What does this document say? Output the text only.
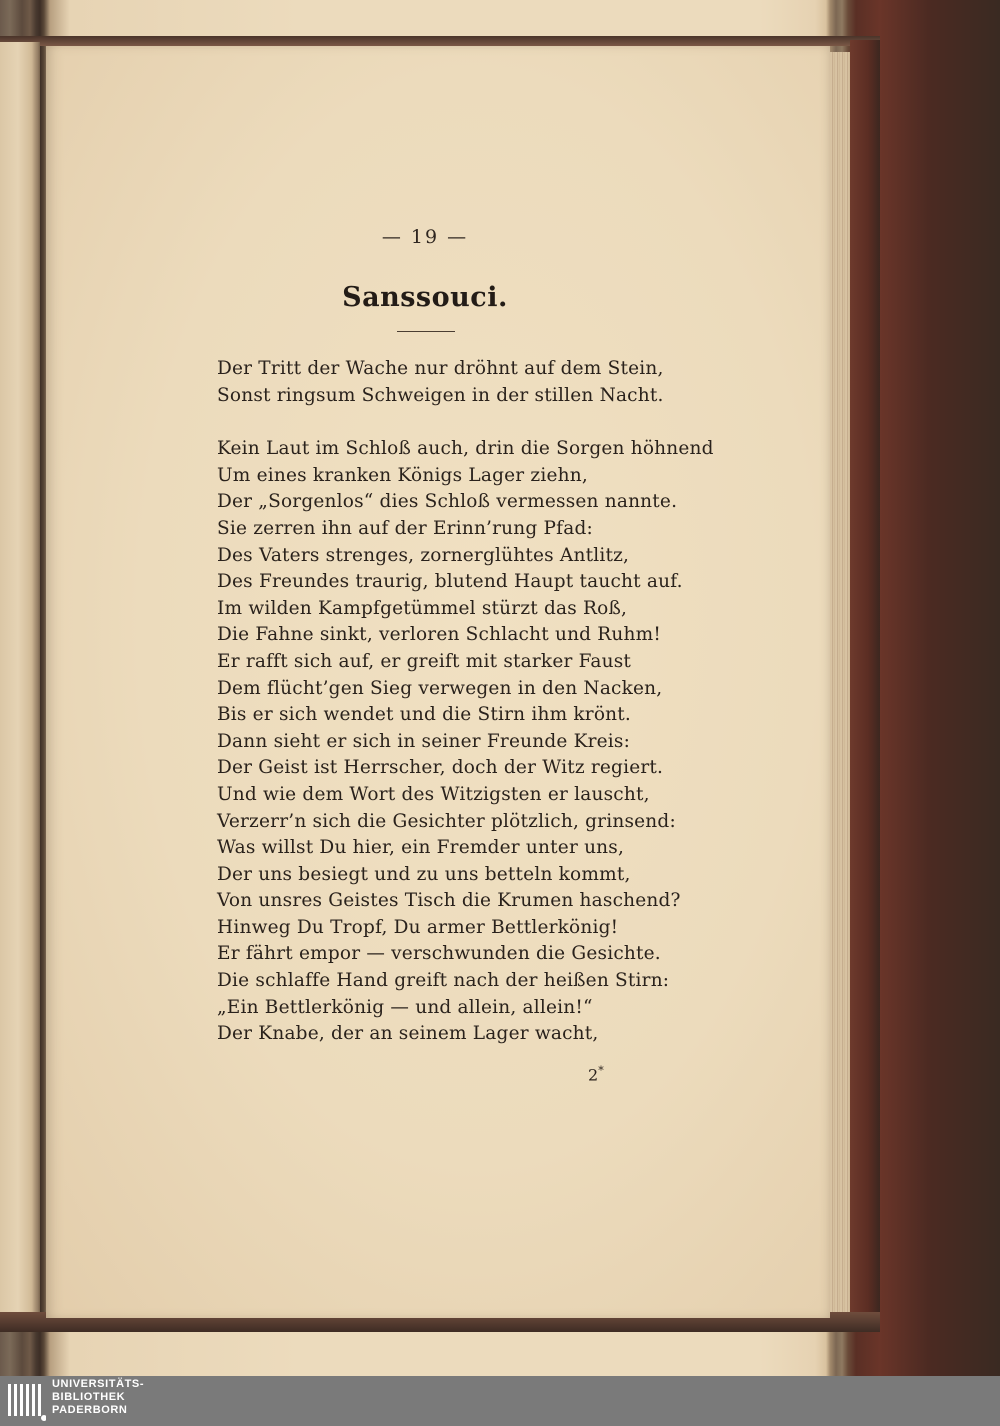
— 19 —
Sanssouci.
Der Tritt der Wache nur dröhnt auf dem Stein,
Sonst ringsum Schweigen in der stillen Nacht.
Kein Laut im Schloß auch, drin die Sorgen höhnend
Um eines kranken Königs Lager ziehn,
Der „Sorgenlos“ dies Schloß vermessen nannte.
Sie zerren ihn auf der Erinn’rung Pfad:
Des Vaters strenges, zornerglühtes Antlitz,
Des Freundes traurig, blutend Haupt taucht auf.
Im wilden Kampfgetümmel stürzt das Roß,
Die Fahne sinkt, verloren Schlacht und Ruhm!
Er rafft sich auf, er greift mit starker Faust
Dem flücht’gen Sieg verwegen in den Nacken,
Bis er sich wendet und die Stirn ihm krönt.
Dann sieht er sich in seiner Freunde Kreis:
Der Geist ist Herrscher, doch der Witz regiert.
Und wie dem Wort des Witzigsten er lauscht,
Verzerr’n sich die Gesichter plötzlich, grinsend:
Was willst Du hier, ein Fremder unter uns,
Der uns besiegt und zu uns betteln kommt,
Von unsres Geistes Tisch die Krumen haschend?
Hinweg Du Tropf, Du armer Bettlerkönig!
Er fährt empor — verschwunden die Gesichte.
Die schlaffe Hand greift nach der heißen Stirn:
„Ein Bettlerkönig — und allein, allein!“
Der Knabe, der an seinem Lager wacht,
2*
UNIVERSITÄTS-
BIBLIOTHEK
PADERBORN
